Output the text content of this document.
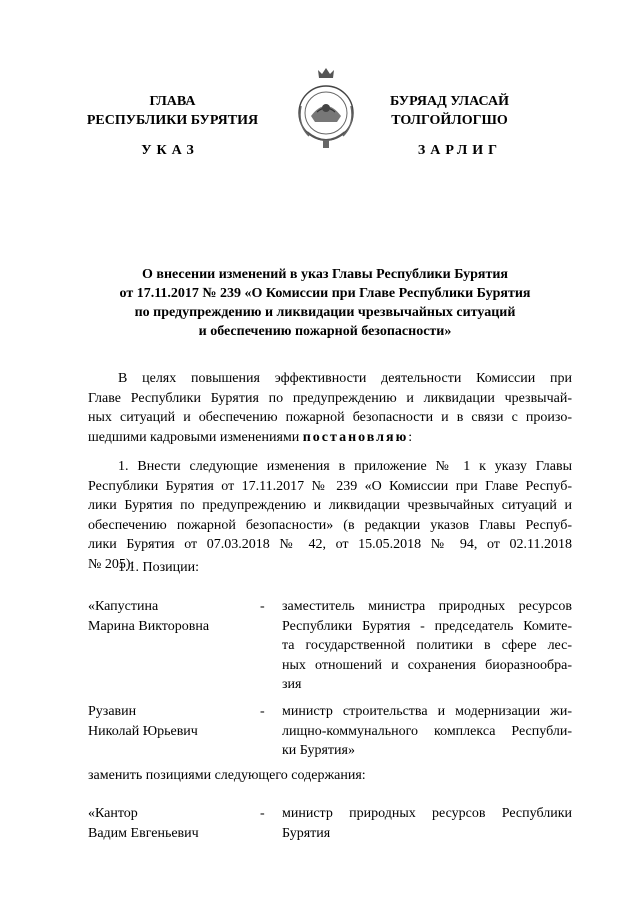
ГЛАВА
РЕСПУБЛИКИ БУРЯТИЯ
БУРЯАД УЛАСАЙ
ТОЛГОЙЛОГШО
УКАЗ	ЗАРЛИГ
О внесении изменений в указ Главы Республики Бурятия
от 17.11.2017 № 239 «О Комиссии при Главе Республики Бурятия
по предупреждению и ликвидации чрезвычайных ситуаций
и обеспечению пожарной безопасности»
В целях повышения эффективности деятельности Комиссии при
Главе Республики Бурятия по предупреждению и ликвидации чрезвычай-
ных ситуаций и обеспечению пожарной безопасности и в связи с произо-
шедшими кадровыми изменениями постановляю:
1. Внести следующие изменения в приложение № 1 к указу Главы
Республики Бурятия от 17.11.2017 № 239 «О Комиссии при Главе Респуб-
лики Бурятия по предупреждению и ликвидации чрезвычайных ситуаций и
обеспечению пожарной безопасности» (в редакции указов Главы Респуб-
лики Бурятия от 07.03.2018 № 42, от 15.05.2018 № 94, от 02.11.2018
№ 205):
1.1. Позиции:
«Капустина
Марина Викторовна
- заместитель министра природных ресурсов
Республики Бурятия - председатель Комите-
та государственной политики в сфере лес-
ных отношений и сохранения биоразнообра-
зия
Рузавин
Николай Юрьевич
- министр строительства и модернизации жи-
лищно-коммунального комплекса Республи-
ки Бурятия»
заменить позициями следующего содержания:
«Кантор
Вадим Евгеньевич
- министр природных ресурсов Республики
Бурятия
